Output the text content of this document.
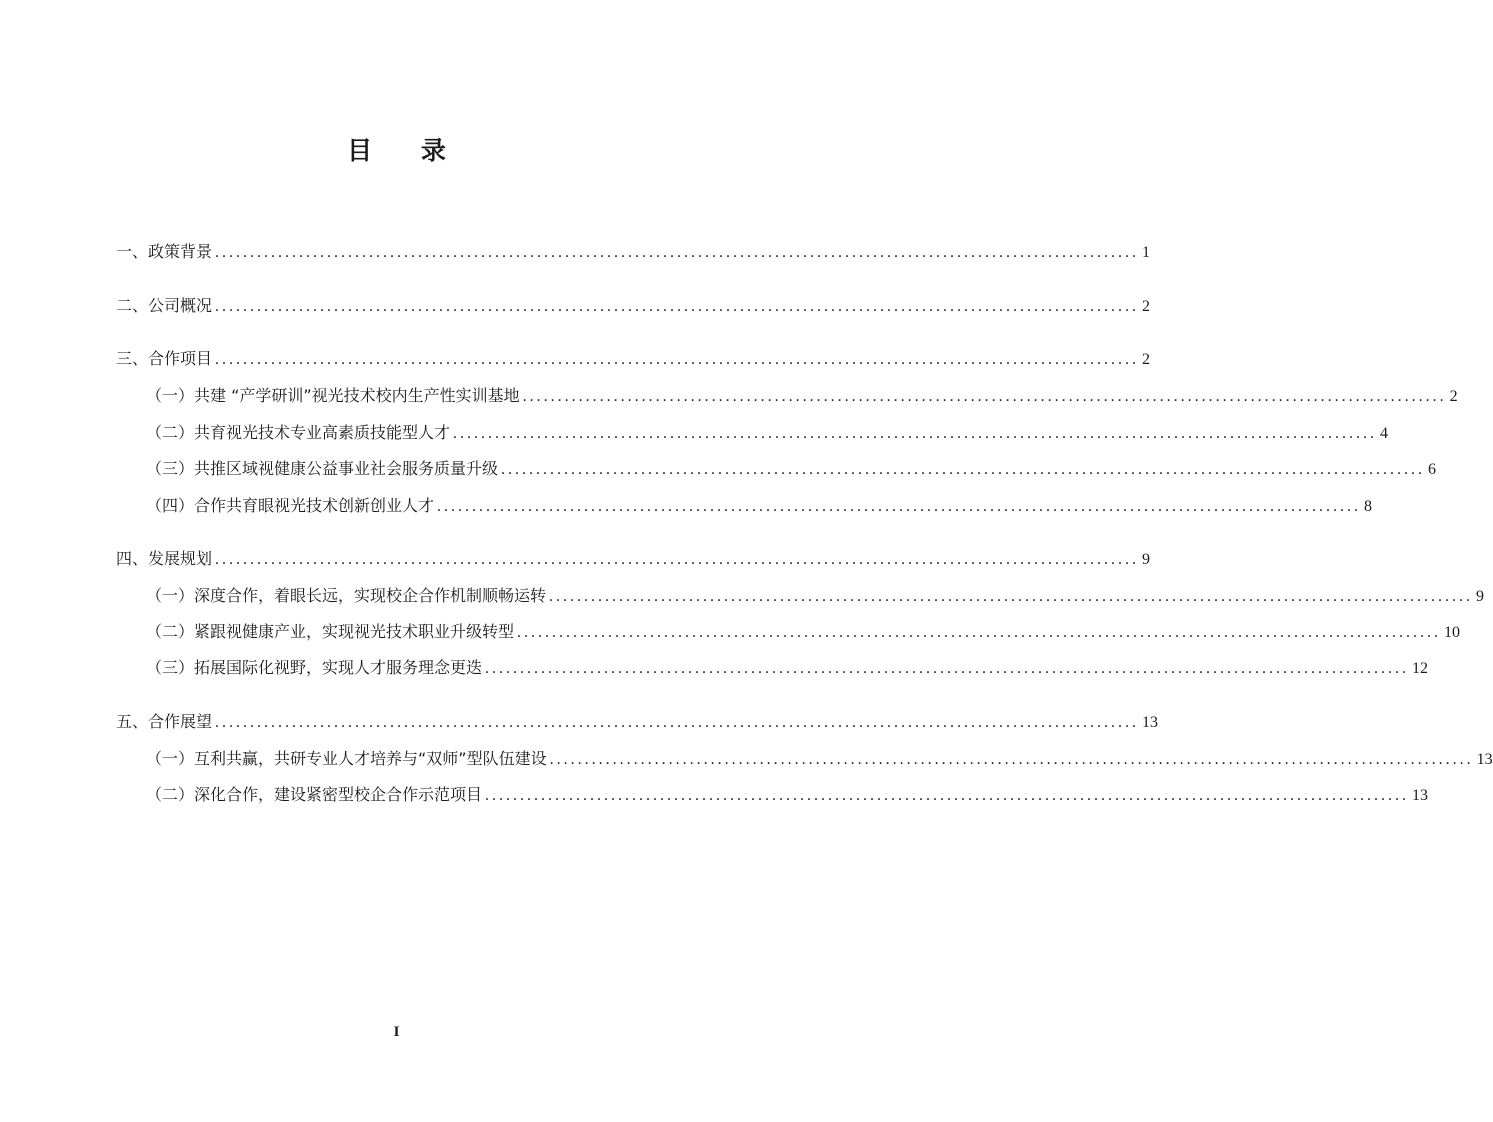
目 录
一、政策背景 .................................................................................................................................... 1
二、公司概况 .................................................................................................................................... 2
三、合作项目 .................................................................................................................................... 2
（一）共建 “产学研训”视光技术校内生产性实训基地 .................................................................................................................................... 2
（二）共育视光技术专业高素质技能型人才 .................................................................................................................................... 4
（三）共推区域视健康公益事业社会服务质量升级 .................................................................................................................................... 6
（四）合作共育眼视光技术创新创业人才 .................................................................................................................................... 8
四、发展规划 .................................................................................................................................... 9
（一）深度合作，着眼长远，实现校企合作机制顺畅运转 .................................................................................................................................... 9
（二）紧跟视健康产业，实现视光技术职业升级转型 .................................................................................................................................... 10
（三）拓展国际化视野，实现人才服务理念更迭 .................................................................................................................................... 12
五、合作展望 .................................................................................................................................... 13
（一）互利共赢，共研专业人才培养与“双师”型队伍建设 .................................................................................................................................... 13
（二）深化合作，建设紧密型校企合作示范项目 .................................................................................................................................... 13
I
